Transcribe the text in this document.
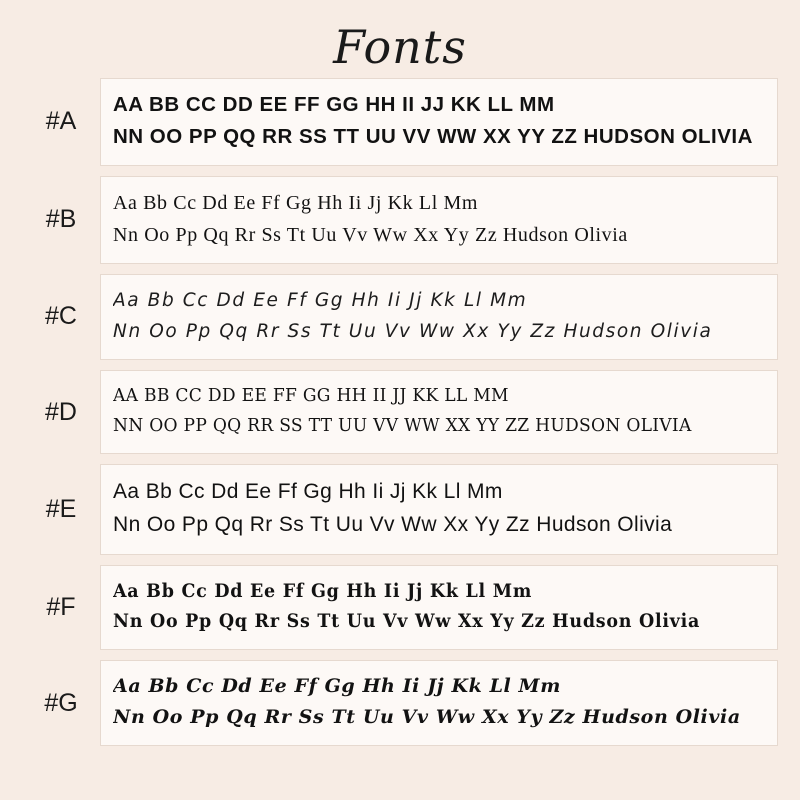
Fonts
#A
AA BB CC DD EE FF GG HH II JJ KK LL MM
NN OO PP QQ RR SS TT UU VV WW XX YY ZZ HUDSON OLIVIA
#B
Aa Bb Cc Dd Ee Ff Gg Hh Ii Jj Kk Ll Mm
Nn Oo Pp Qq Rr Ss Tt Uu Vv Ww Xx Yy Zz Hudson Olivia
#C
Aa Bb Cc Dd Ee Ff Gg Hh Ii Jj Kk Ll Mm
Nn Oo Pp Qq Rr Ss Tt Uu Vv Ww Xx Yy Zz Hudson Olivia
#D
AA BB CC DD EE FF GG HH II JJ KK LL MM
NN OO PP QQ RR SS TT UU VV WW XX YY ZZ HUDSON OLIVIA
#E
Aa Bb Cc Dd Ee Ff Gg Hh Ii Jj Kk Ll Mm
Nn Oo Pp Qq Rr Ss Tt Uu Vv Ww Xx Yy Zz Hudson Olivia
#F
Aa Bb Cc Dd Ee Ff Gg Hh Ii Jj Kk Ll Mm
Nn Oo Pp Qq Rr Ss Tt Uu Vv Ww Xx Yy Zz Hudson Olivia
#G
Aa Bb Cc Dd Ee Ff Gg Hh Ii Jj Kk Ll Mm
Nn Oo Pp Qq Rr Ss Tt Uu Vv Ww Xx Yy Zz Hudson Olivia
